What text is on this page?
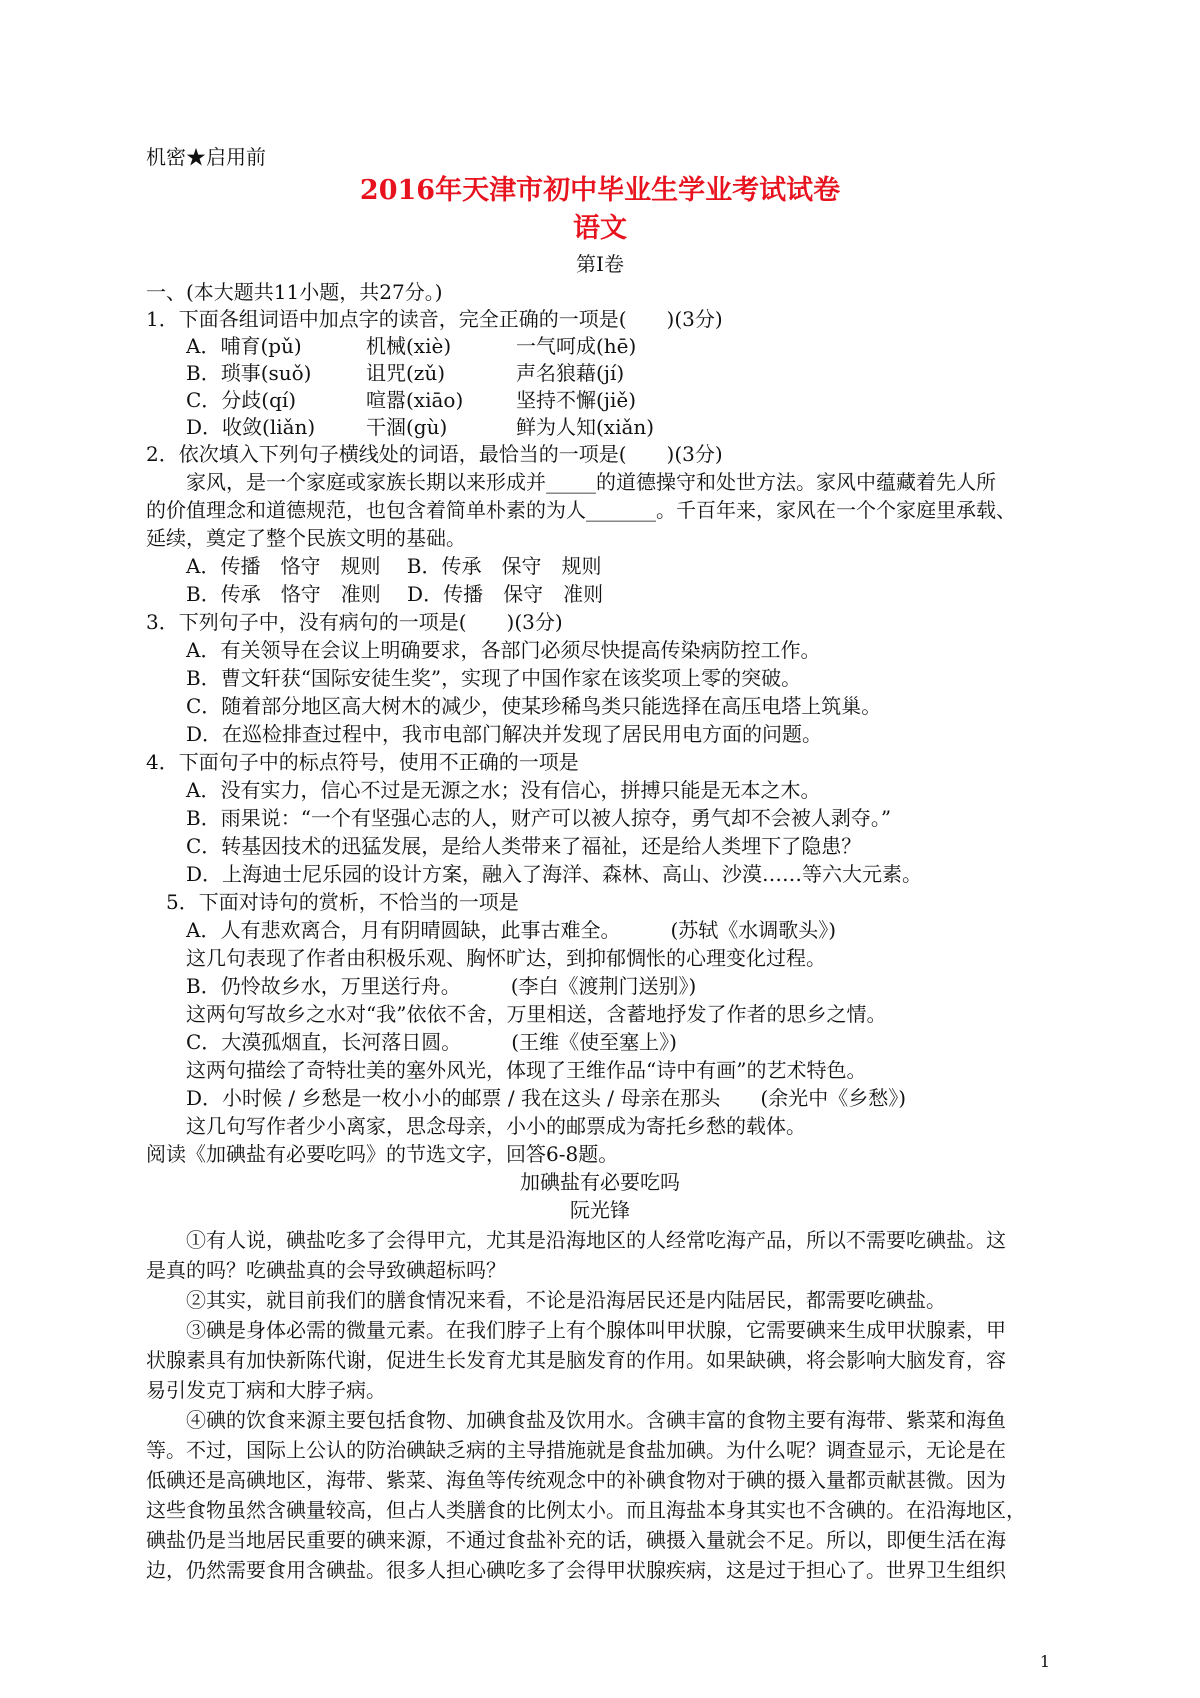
机密★启用前
2016年天津市初中毕业生学业考试试卷
语文
第Ⅰ卷
一、(本大题共11小题，共27分。)
1．下面各组词语中加点字的读音，完全正确的一项是(　　)(3分)
A．哺育(pǔ)	机械(xiè)	一气呵成(hē)
B．琐事(suǒ)	诅咒(zǔ)	声名狼藉(jí)
C．分歧(qí)	喧嚣(xiāo)	坚持不懈(jiě)
D．收敛(liǎn)	干涸(gù)	鲜为人知(xiǎn)
2．依次填入下列句子横线处的词语，最恰当的一项是(　　)(3分)
家风，是一个家庭或家族长期以来形成并_____的道德操守和处世方法。家风中蕴藏着先人所
的价值理念和道德规范，也包含着简单朴素的为人_______。千百年来，家风在一个个家庭里承载、
延续，奠定了整个民族文明的基础。
A．传播　恪守　规则　 B．传承　保守　规则
B．传承　恪守　准则　 D．传播　保守　准则
3．下列句子中，没有病句的一项是(　　)(3分)
A．有关领导在会议上明确要求，各部门必须尽快提高传染病防控工作。
B．曹文轩获“国际安徒生奖”，实现了中国作家在该奖项上零的突破。
C．随着部分地区高大树木的减少，使某珍稀鸟类只能选择在高压电塔上筑巢。
D．在巡检排查过程中，我市电部门解决并发现了居民用电方面的问题。
4．下面句子中的标点符号，使用不正确的一项是
A．没有实力，信心不过是无源之水；没有信心，拼搏只能是无本之木。
B．雨果说：“一个有坚强心志的人，财产可以被人掠夺，勇气却不会被人剥夺。”
C．转基因技术的迅猛发展，是给人类带来了福祉，还是给人类埋下了隐患？
D．上海迪士尼乐园的设计方案，融入了海洋、森林、高山、沙漠……等六大元素。
5．下面对诗句的赏析，不恰当的一项是
A．人有悲欢离合，月有阴晴圆缺，此事古难全。　　　(苏轼《水调歌头》)
这几句表现了作者由积极乐观、胸怀旷达，到抑郁惆怅的心理变化过程。
B．仍怜故乡水，万里送行舟。　　　(李白《渡荆门送别》)
这两句写故乡之水对“我”依依不舍，万里相送，含蓄地抒发了作者的思乡之情。
C．大漠孤烟直，长河落日圆。　　　(王维《使至塞上》)
这两句描绘了奇特壮美的塞外风光，体现了王维作品“诗中有画”的艺术特色。
D．小时候 / 乡愁是一枚小小的邮票 / 我在这头 / 母亲在那头　　(余光中《乡愁》)
这几句写作者少小离家，思念母亲，小小的邮票成为寄托乡愁的载体。
阅读《加碘盐有必要吃吗》的节选文字，回答6-8题。
加碘盐有必要吃吗
阮光锋
①有人说，碘盐吃多了会得甲亢，尤其是沿海地区的人经常吃海产品，所以不需要吃碘盐。这
是真的吗？吃碘盐真的会导致碘超标吗？
②其实，就目前我们的膳食情况来看，不论是沿海居民还是内陆居民，都需要吃碘盐。
③碘是身体必需的微量元素。在我们脖子上有个腺体叫甲状腺，它需要碘来生成甲状腺素，甲
状腺素具有加快新陈代谢，促进生长发育尤其是脑发育的作用。如果缺碘，将会影响大脑发育，容
易引发克丁病和大脖子病。
④碘的饮食来源主要包括食物、加碘食盐及饮用水。含碘丰富的食物主要有海带、紫菜和海鱼
等。不过，国际上公认的防治碘缺乏病的主导措施就是食盐加碘。为什么呢？调查显示，无论是在
低碘还是高碘地区，海带、紫菜、海鱼等传统观念中的补碘食物对于碘的摄入量都贡献甚微。因为
这些食物虽然含碘量较高，但占人类膳食的比例太小。而且海盐本身其实也不含碘的。在沿海地区，
碘盐仍是当地居民重要的碘来源，不通过食盐补充的话，碘摄入量就会不足。所以，即便生活在海
边，仍然需要食用含碘盐。很多人担心碘吃多了会得甲状腺疾病，这是过于担心了。世界卫生组织
1
